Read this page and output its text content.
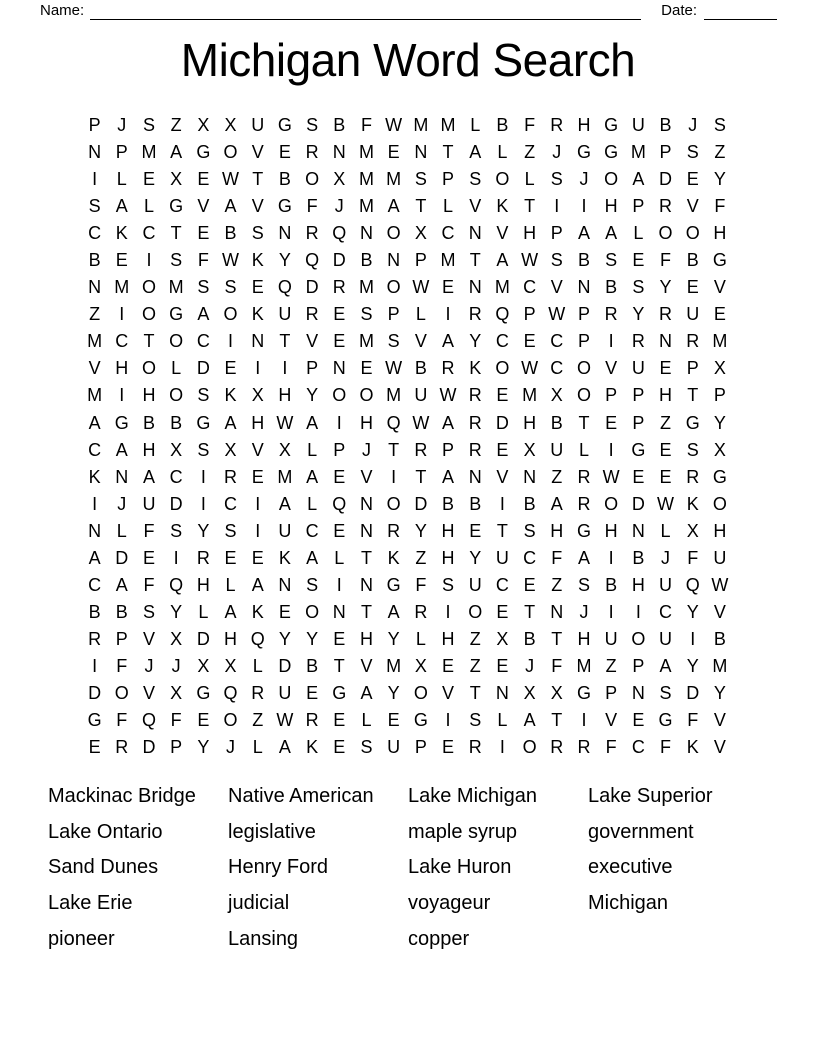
Name:	Date:
Michigan Word Search
P J S Z X X U G S B F W M M L B F R H G U B J S
N P M A G O V E R N M E N T A L Z J G G M P S Z
I	L E X E W T B O X M M S P S O L S J O A D E Y
S A L G V A V G F J M A T L V K T	I	I	H P R V F
C K C T E B S N R Q N O X C N V H P A A L O O H
B E	I	S F W K Y Q D B N P M T A W S B S E F B G
N M O M S S E Q D R M O W E N M C V N B S Y E V
Z	I O G A O K U R E S P L	I	R Q P W P R Y R U E
M C T O C	I	N T V E M S V A Y C E C P	I	R N R M
V H O L D E	I	I	P N E W B R K O W C O V U E P X
M I	H O S K X H Y O O M U W R E M X O P P H T P
A G B B G A H W A	I	H Q W A R D H B T E P Z G Y
C A H X S X V X L P J T R P R E X U L	I G E S X
K N A C	I	R E M A E V	I	T A N V N Z R W E E R G
I	J U D	I	C	I	A L Q N O D B B	I	B A R O D W K O
N L F S Y S	I	U C E N R Y H E T S H G H N L X H
A D E	I	R E E K A L T K Z H Y U C F A	I	B J F U
C A F Q H L A N S	I	N G F S U C E Z S B H U Q W
B B S Y L A K E O N T A R	I O E T N J	I	I	C Y V
R P V X D H Q Y Y E H Y L H Z X B T H U O U	I	B
I	F J	J X X L D B T V M X E Z E J F M Z P A Y M
D O V X G Q R U E G A Y O V T N X X G P N S D Y
G F Q F E O Z W R E L E G I	S L A T	I	V E G F V
E R D P Y J L A K E S U P E R	I O R R F C F K V
Mackinac Bridge
Lake Ontario
Sand Dunes
Lake Erie
pioneer
Native American
legislative
Henry Ford
judicial
Lansing
Lake Michigan
maple syrup
Lake Huron
voyageur
copper
Lake Superior
government
executive
Michigan
